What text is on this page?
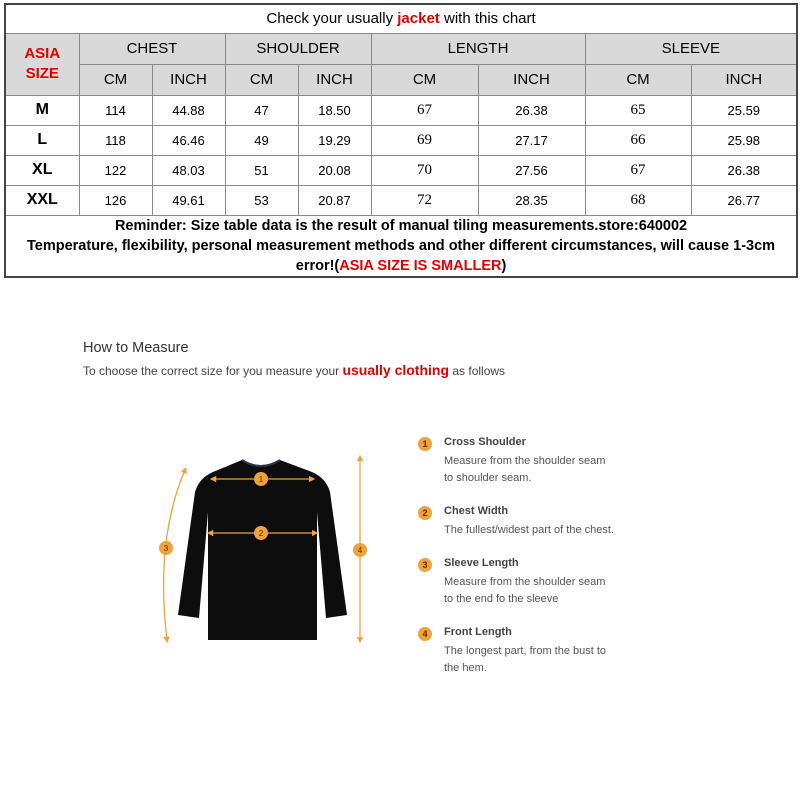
Check your usually jacket with this chart								
ASIA
SIZE	CHEST		SHOULDER		LENGTH		SLEEVE	
	CM	INCH	CM	INCH	CM	INCH	CM	INCH
M	114	44.88	47	18.50	67	26.38	65	25.59
L	118	46.46	49	19.29	69	27.17	66	25.98
XL	122	48.03	51	20.08	70	27.56	67	26.38
XXL	126	49.61	53	20.87	72	28.35	68	26.77

Reminder: Size table data is the result of manual tiling measurements.store:640002
Temperature, flexibility, personal measurement methods and other different circumstances, will cause 1-3cm
error!(ASIA SIZE IS SMALLER)								
How to Measure
To choose the correct size for you measure your usually clothing as follows
1
2
3	4
1	Cross Shoulder
Measure from the shoulder seam
to shoulder seam.
2	Chest Width
The fullest/widest part of the chest.

3	Sleeve Length
Measure from the shoulder seam
to the end fo the sleeve
4	Front Length
The longest part, from the bust to
the hem.
